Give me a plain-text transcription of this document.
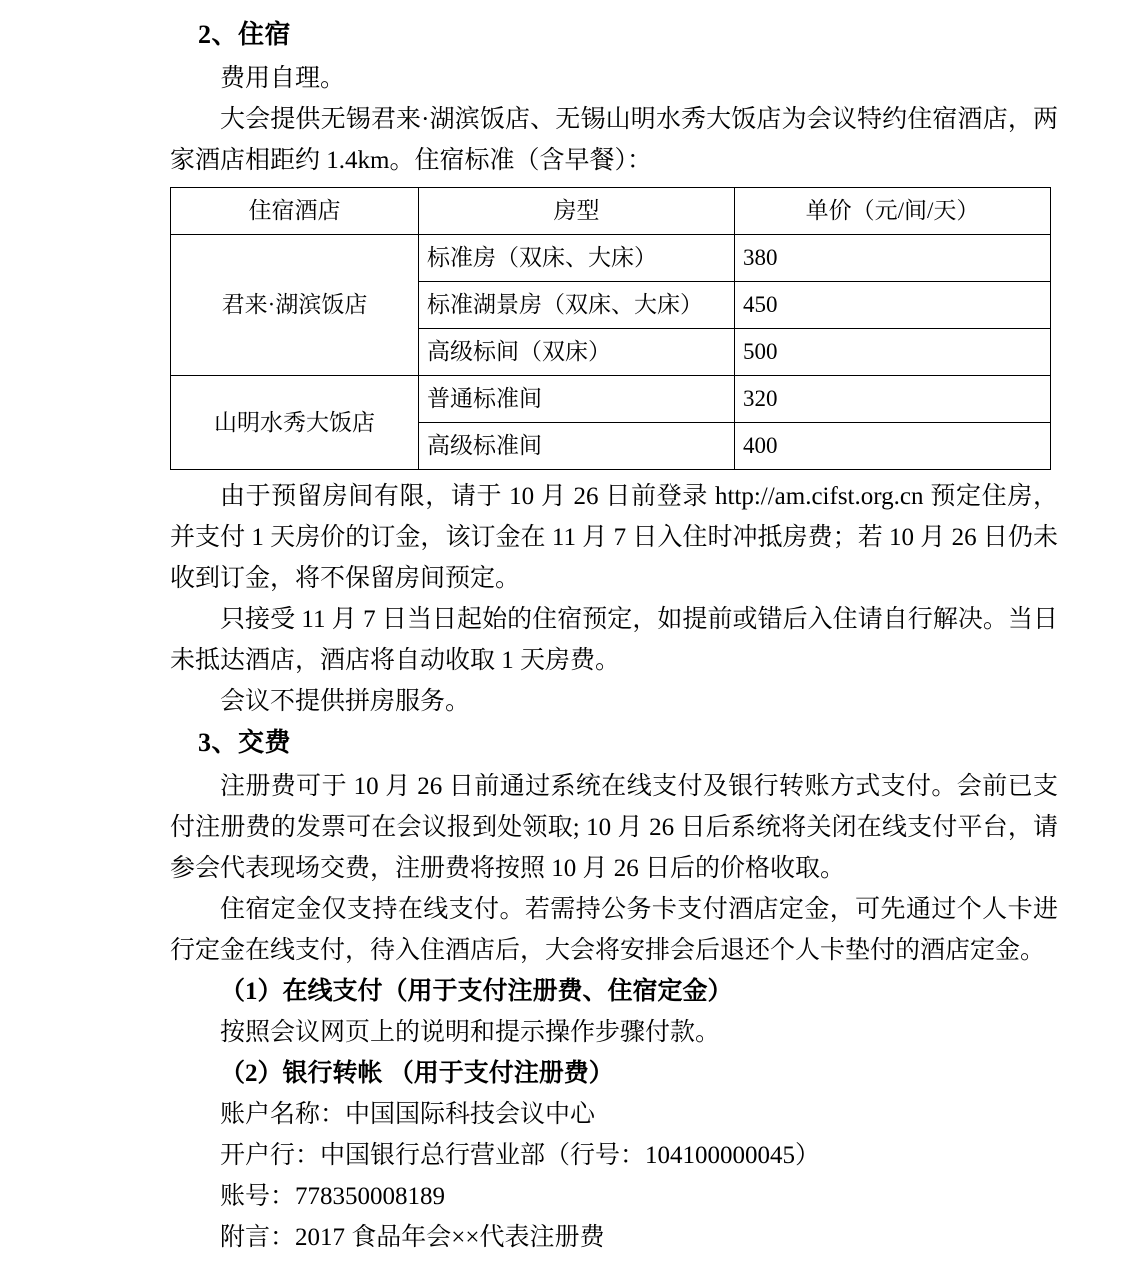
2、住宿

费用自理。

大会提供无锡君来·湖滨饭店、无锡山明水秀大饭店为会议特约住宿酒店，两家酒店相距约 1.4km。住宿标准（含早餐）：

住宿酒店	房型	单价（元/间/天）
君来·湖滨饭店	标准房（双床、大床）	380
	标准湖景房（双床、大床）	450
	高级标间（双床）	500
山明水秀大饭店	普通标准间	320
	高级标准间	400

由于预留房间有限，请于 10 月 26 日前登录 http://am.cifst.org.cn 预定住房，并支付 1 天房价的订金，该订金在 11 月 7 日入住时冲抵房费；若 10 月 26 日仍未收到订金，将不保留房间预定。

只接受 11 月 7 日当日起始的住宿预定，如提前或错后入住请自行解决。当日未抵达酒店，酒店将自动收取 1 天房费。

会议不提供拼房服务。

3、交费

注册费可于 10 月 26 日前通过系统在线支付及银行转账方式支付。会前已支付注册费的发票可在会议报到处领取; 10 月 26 日后系统将关闭在线支付平台，请参会代表现场交费，注册费将按照 10 月 26 日后的价格收取。

住宿定金仅支持在线支付。若需持公务卡支付酒店定金，可先通过个人卡进行定金在线支付，待入住酒店后，大会将安排会后退还个人卡垫付的酒店定金。

（1）在线支付（用于支付注册费、住宿定金）

按照会议网页上的说明和提示操作步骤付款。

（2）银行转帐 （用于支付注册费）

账户名称：中国国际科技会议中心

开户行：中国银行总行营业部（行号：104100000045）

账号：778350008189

附言：2017 食品年会××代表注册费
